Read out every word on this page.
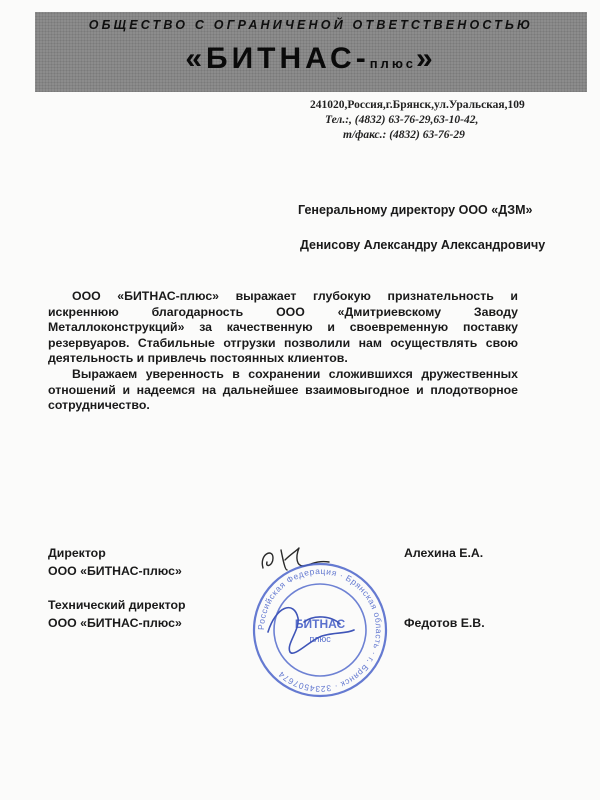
ОБЩЕСТВО С ОГРАНИЧЕНОЙ ОТВЕТСТВЕНОСТЬЮ
«БИТНАС-плюс»
241020,Россия,г.Брянск,ул.Уральская,109
Тел.:, (4832) 63-76-29,63-10-42,
т/факс.: (4832) 63-76-29
Генеральному директору ООО «ДЗМ»
Денисову Александру Александровичу

ООО «БИТНАС-плюс» выражает глубокую признательность и искреннюю благодарность ООО «Дмитриевскому Заводу Металлоконструкций» за качественную и своевременную поставку резервуаров. Стабильные отгрузки позволили нам осуществлять свою деятельность и привлечь постоянных клиентов.

Выражаем уверенность в сохранении сложившихся дружественных отношений и надеемся на дальнейшее взаимовыгодное и плодотворное сотрудничество.

Директор
ООО «БИТНАС-плюс»
Алехина Е.А.
Технический директор
ООО «БИТНАС-плюс»	Федотов Е.В.
Российская Федерация · Брянская область · г. Брянск · 3234507674
БИТНАС
плюс
